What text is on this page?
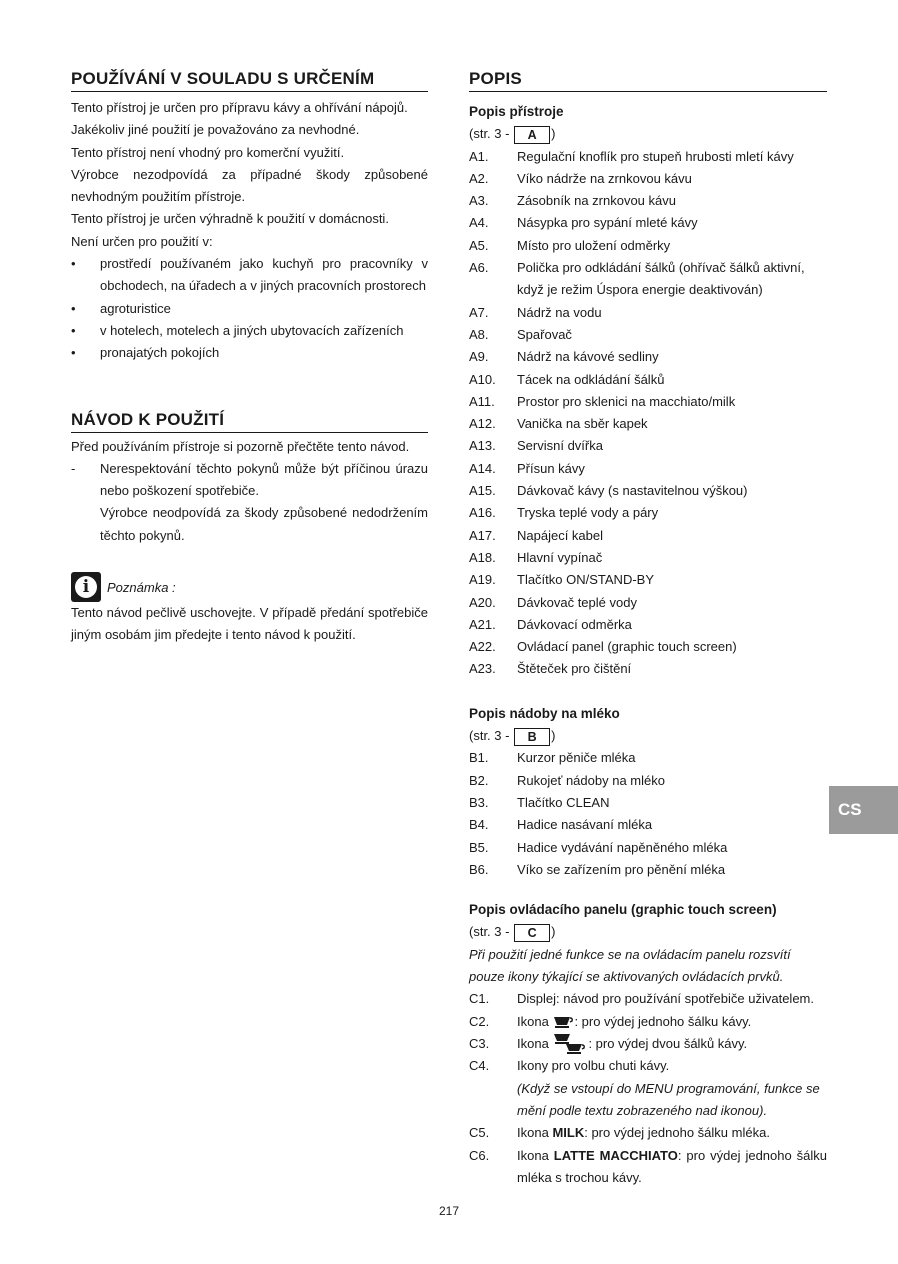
POUŽÍVÁNÍ V SOULADU S URČENÍM

Tento přístroj je určen pro přípravu kávy a ohřívání nápojů.

Jakékoliv jiné použití je považováno za nevhodné.

Tento přístroj není vhodný pro komerční využití.

Výrobce nezodpovídá za případné škody způsobené nevhodným použitím přístroje.

Tento přístroj je určen výhradně k použití v domácnosti.

Není určen pro použití v:

• prostředí používaném jako kuchyň pro pracovníky v obchodech, na úřadech a v jiných pracovních prostorech
• agroturistice
• v hotelech, motelech a jiných ubytovacích zařízeních
• pronajatých pokojích
NÁVOD K POUŽITÍ

Před používáním přístroje si pozorně přečtěte tento návod.

- Nerespektování těchto pokynů může být příčinou úrazu nebo poškození spotřebiče.
Výrobce neodpovídá za škody způsobené nedodržením těchto pokynů.
i	Poznámka :

Tento návod pečlivě uschovejte. V případě předání spotřebiče jiným osobám jim předejte i tento návod k použití.

POPIS
Popis přístroje
(str. 3 - A )
A1. Regulační knoflík pro stupeň hrubosti mletí kávy
A2. Víko nádrže na zrnkovou kávu
A3. Zásobník na zrnkovou kávu
A4. Násypka pro sypání mleté kávy
A5. Místo pro uložení odměrky
A6. Polička pro odkládání šálků (ohřívač šálků aktivní, když je režim Úspora energie deaktivován)
A7. Nádrž na vodu
A8. Spařovač
A9. Nádrž na kávové sedliny
A10. Tácek na odkládání šálků
A11. Prostor pro sklenici na macchiato/milk
A12. Vanička na sběr kapek
A13. Servisní dvířka
A14. Přísun kávy
A15. Dávkovač kávy (s nastavitelnou výškou)
A16. Tryska teplé vody a páry
A17. Napájecí kabel
A18. Hlavní vypínač
A19. Tlačítko ON/STAND-BY
A20. Dávkovač teplé vody
A21. Dávkovací odměrka
A22. Ovládací panel (graphic touch screen)
A23. Štěteček pro čištění
Popis nádoby na mléko
(str. 3 - B )
B1. Kurzor pěniče mléka
B2. Rukojeť nádoby na mléko
B3. Tlačítko CLEAN
B4. Hadice nasávaní mléka
B5. Hadice vydávání napěněného mléka
B6. Víko se zařízením pro pěnění mléka
Popis ovládacího panelu (graphic touch screen)
(str. 3 - C )

Při použití jedné funkce se na ovládacím panelu rozsvítí pouze ikony týkající se aktivovaných ovládacích prvků.

C1. Displej: návod pro používání spotřebiče uživatelem.
C2. Ikona : pro výdej jednoho šálku kávy.
C3. Ikona	: pro výdej dvou šálků kávy.
C4. Ikony pro volbu chuti kávy.
(Když se vstoupí do MENU programování, funkce se mění podle textu zobrazeného nad ikonou).
C5. Ikona MILK: pro výdej jednoho šálku mléka.
C6. Ikona LATTE MACCHIATO: pro výdej jednoho šálku mléka s trochou kávy.
CS
217
